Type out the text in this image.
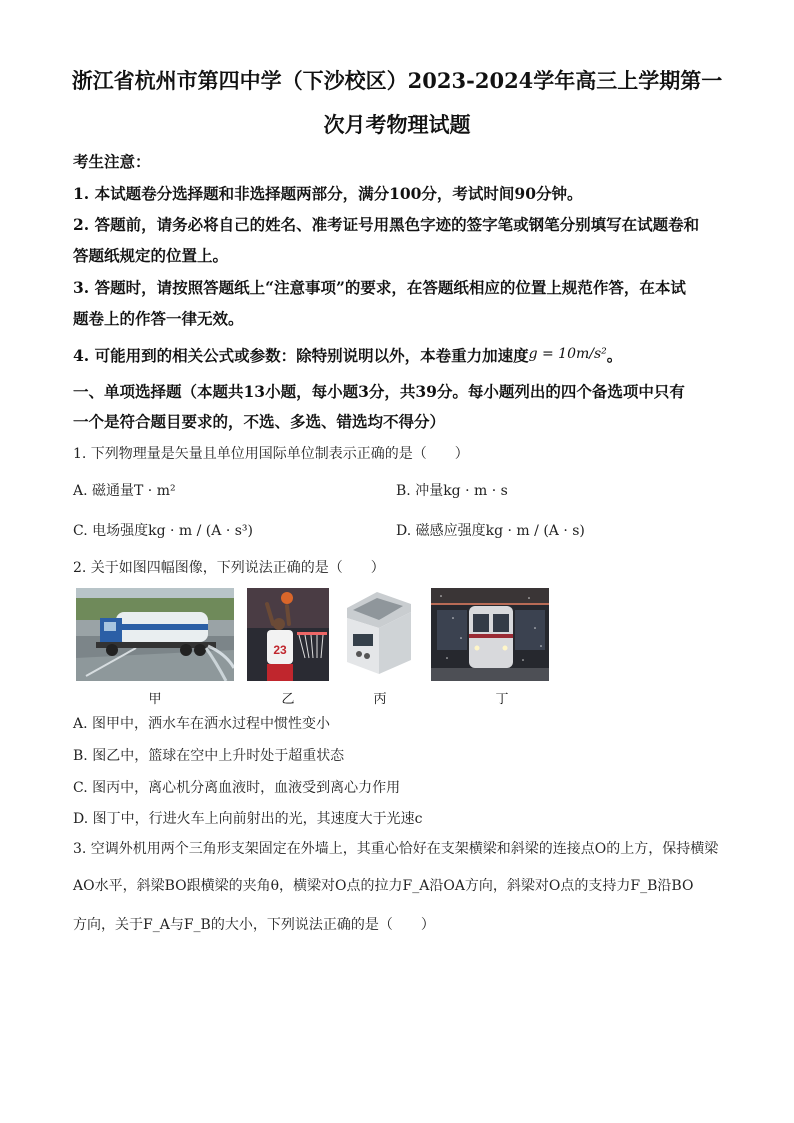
浙江省杭州市第四中学（下沙校区）2023-2024学年高三上学期第一
次月考物理试题
考生注意：
1. 本试题卷分选择题和非选择题两部分，满分100分，考试时间90分钟。
2. 答题前，请务必将自己的姓名、准考证号用黑色字迹的签字笔或钢笔分别填写在试题卷和
答题纸规定的位置上。
3. 答题时，请按照答题纸上“注意事项”的要求，在答题纸相应的位置上规范作答，在本试
题卷上的作答一律无效。
4. 可能用到的相关公式或参数：除特别说明以外，本卷重力加速度g = 10m/s²。
一、单项选择题（本题共13小题，每小题3分，共39分。每小题列出的四个备选项中只有
一个是符合题目要求的，不选、多选、错选均不得分）
1. 下列物理量是矢量且单位用国际单位制表示正确的是（　　）
A. 磁通量T · m²	B. 冲量kg · m · s
C. 电场强度kg · m / (A · s³)	D. 磁感应强度kg · m / (A · s)
2. 关于如图四幅图像，下列说法正确的是（　　）
23
甲	乙	丙	丁
A. 图甲中，洒水车在洒水过程中惯性变小
B. 图乙中，篮球在空中上升时处于超重状态
C. 图丙中，离心机分离血液时，血液受到离心力作用
D. 图丁中，行进火车上向前射出的光，其速度大于光速c
3. 空调外机用两个三角形支架固定在外墙上，其重心恰好在支架横梁和斜梁的连接点O的上方，保持横梁
AO水平，斜梁BO跟横梁的夹角θ，横梁对O点的拉力F_A沿OA方向，斜梁对O点的支持力F_B沿BO
方向，关于F_A与F_B的大小，下列说法正确的是（　　）
